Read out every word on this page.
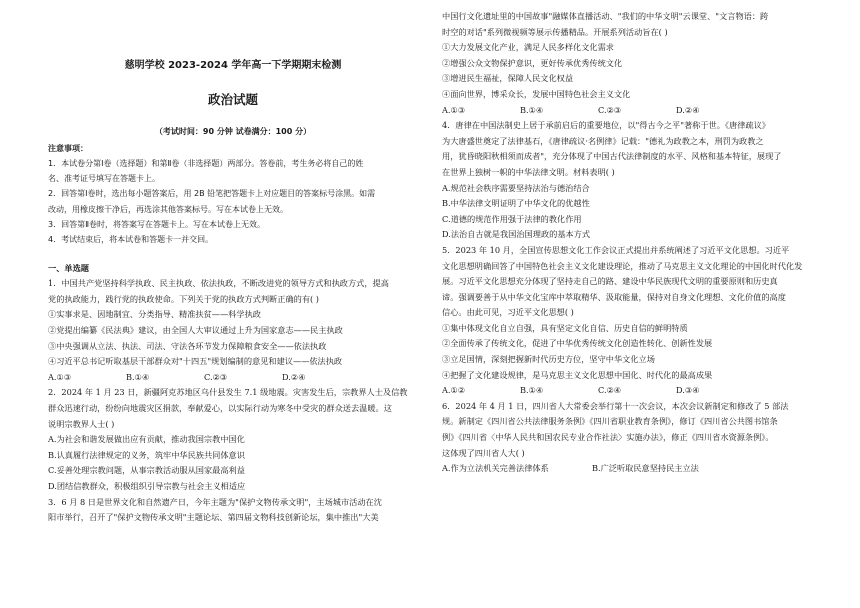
慈明学校 2023-2024 学年高一下学期期末检测
政治试题
（考试时间：90 分钟 试卷满分：100 分）
注意事项：
1．本试卷分第Ⅰ卷（选择题）和第Ⅱ卷（非选择题）两部分。答卷前，考生务必将自己的姓
名、准考证号填写在答题卡上。
2．回答第Ⅰ卷时，选出每小题答案后，用 2B 铅笔把答题卡上对应题目的答案标号涂黑。如需
改动，用橡皮擦干净后，再选涂其他答案标号。写在本试卷上无效。
3．回答第Ⅱ卷时，将答案写在答题卡上。写在本试卷上无效。
4．考试结束后，将本试卷和答题卡一并交回。
一、单选题
1．中国共产党坚持科学执政、民主执政、依法执政，不断改进党的领导方式和执政方式，提高
党的执政能力，践行党的执政使命。下列关于党的执政方式判断正确的有( )
①实事求是、因地制宜、分类指导、精准扶贫——科学执政
②党提出编纂《民法典》建议，由全国人大审议通过上升为国家意志——民主执政
③中央强调从立法、执法、司法、守法各环节发力保障粮食安全——依法执政
④习近平总书记听取基层干部群众对"十四五"规划编制的意见和建议——依法执政
A.①③	B.①④	C.②③	D.②④
2．2024 年 1 月 23 日，新疆阿克苏地区乌什县发生 7.1 级地震。灾害发生后，宗教界人士及信教
群众迅速行动，纷纷向地震灾区捐款，奉献爱心，以实际行动为寒冬中受灾的群众送去温暖。这
说明宗教界人士( )
A.为社会和谐发展做出应有贡献，推动我国宗教中国化
B.认真履行法律规定的义务，筑牢中华民族共同体意识
C.妥善处理宗教问题，从事宗教活动服从国家最高利益
D.团结信教群众，积极组织引导宗教与社会主义相适应
3．6 月 8 日是世界文化和自然遗产日，今年主题为"保护文物传承文明"，主场城市活动在沈
阳市举行，召开了"保护文物传承文明"主题论坛、第四届文物科技创新论坛，集中推出"大美
中国行文化遗址里的中国故事"融媒体直播活动、"我们的中华文明"云课堂、"文言物语：跨
时空的对话"系列微视频等展示传播精品。开展系列活动旨在( )
①大力发展文化产业，满足人民多样化文化需求
②增强公众文物保护意识，更好传承优秀传统文化
③增进民生福祉，保障人民文化权益
④面向世界，博采众长，发展中国特色社会主义文化
A.①③	B.①④	C.②③	D.②④
4．唐律在中国法制史上居于承前启后的重要地位，以"得古今之平"著称于世。《唐律疏议》
为大唐盛世奠定了法律基石，《唐律疏议·名例律》记载："德礼为政教之本，刑罚为政教之
用，犹昏晓阳秋相须而成者"，充分体现了中国古代法律制度的水平、风格和基本特征，展现了
在世界上独树一帜的中华法律文明。材料表明( )
A.规范社会秩序需要坚持法治与德治结合
B.中华法律文明证明了中华文化的优越性
C.道德的规范作用强于法律的教化作用
D.法治自古就是我国治国理政的基本方式
5．2023 年 10 月，全国宣传思想文化工作会议正式提出并系统阐述了习近平文化思想。习近平
文化思想明确回答了中国特色社会主义文化建设理论，推动了马克思主义文化理论的中国化时代化发
展。习近平文化思想充分体现了坚持走自己的路、建设中华民族现代文明的重要原则和历史真
谛。强调要善于从中华文化宝库中萃取精华、汲取能量，保持对自身文化理想、文化价值的高度
信心。由此可见，习近平文化思想( )
①集中体现文化自立自强，具有坚定文化自信、历史自信的鲜明特质
②全面传承了传统文化，促进了中华优秀传统文化创造性转化、创新性发展
③立足国情，深刻把握新时代历史方位，坚守中华文化立场
④把握了文化建设规律，是马克思主义文化思想中国化、时代化的最高成果
A.①②	B.①④	C.②④	D.③④
6．2024 年 4 月 1 日，四川省人大常委会举行第十一次会议，本次会议新制定和修改了 5 部法
规。新制定《四川省公共法律服务条例》《四川省职业教育条例》，修订《四川省公共图书馆条
例》《四川省〈中华人民共和国农民专业合作社法〉实施办法》，修正《四川省水资源条例》。
这体现了四川省人大( )
A.作为立法机关完善法律体系	B.广泛听取民意坚持民主立法
